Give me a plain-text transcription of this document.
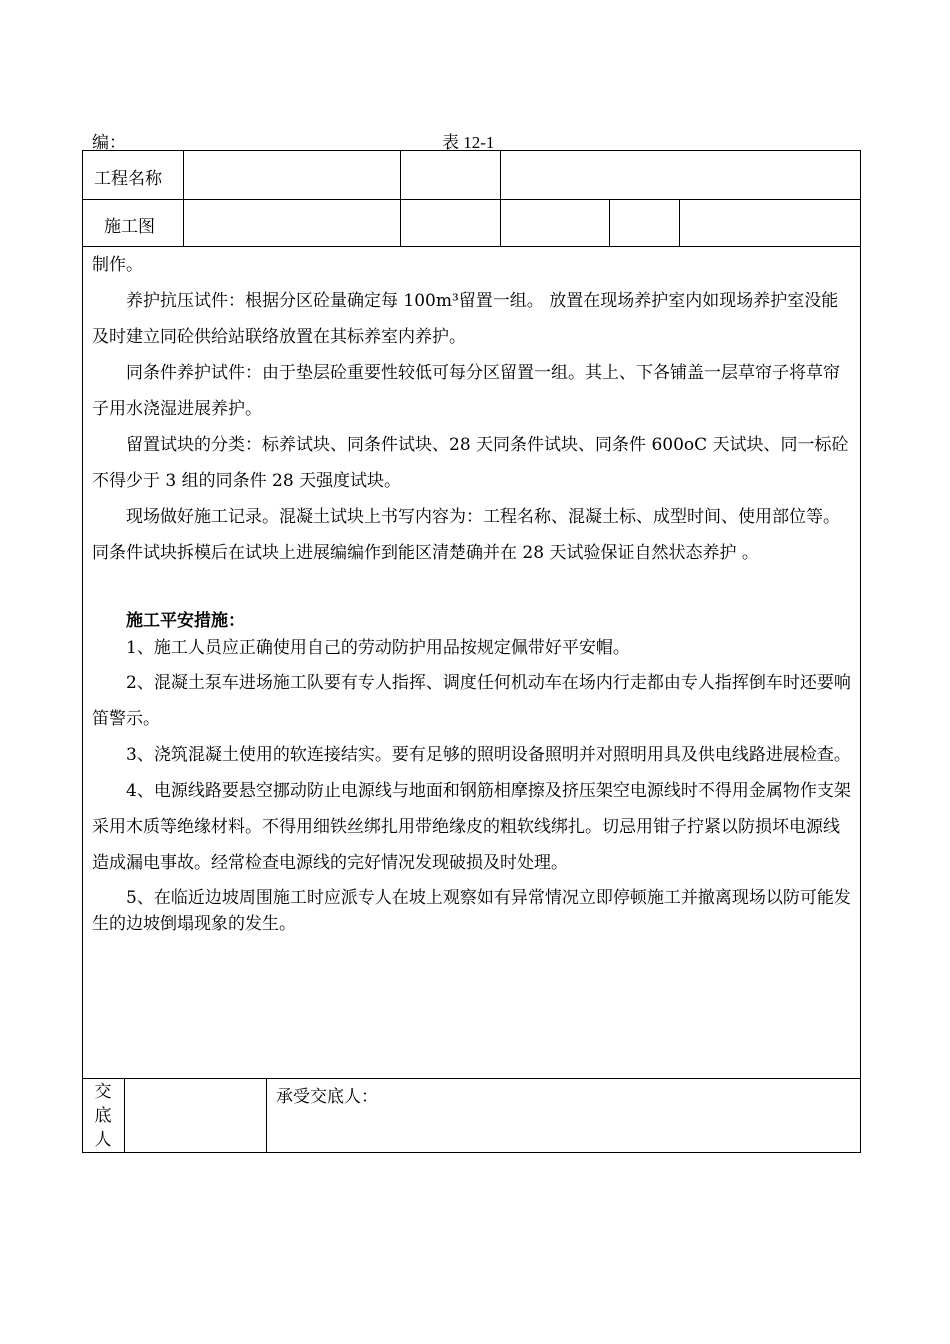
编：	表 12-1
工程名称
施工图

制作。

养护抗压试件：根据分区砼量确定每 100m³留置一组。 放置在现场养护室内如现场养护室没能及时建立同砼供给站联络放置在其标养室内养护。

同条件养护试件：由于垫层砼重要性较低可每分区留置一组。其上、下各铺盖一层草帘子将草帘子用水浇湿进展养护。

留置试块的分类：标养试块、同条件试块、28 天同条件试块、同条件 600oC 天试块、同一标砼不得少于 3 组的同条件 28 天强度试块。

现场做好施工记录。混凝土试块上书写内容为：工程名称、混凝土标、成型时间、使用部位等。同条件试块拆模后在试块上进展编编作到能区清楚确并在 28 天试验保证自然状态养护 。

施工平安措施：

1、施工人员应正确使用自己的劳动防护用品按规定佩带好平安帽。

2、混凝土泵车进场施工队要有专人指挥、调度任何机动车在场内行走都由专人指挥倒车时还要响笛警示。

3、浇筑混凝土使用的软连接结实。要有足够的照明设备照明并对照明用具及供电线路进展检查。

4、电源线路要悬空挪动防止电源线与地面和钢筋相摩擦及挤压架空电源线时不得用金属物作支架采用木质等绝缘材料。不得用细铁丝绑扎用带绝缘皮的粗软线绑扎。切忌用钳子拧紧以防损坏电源线造成漏电事故。经常检查电源线的完好情况发现破损及时处理。

5、在临近边坡周围施工时应派专人在坡上观察如有异常情况立即停顿施工并撤离现场以防可能发生的边坡倒塌现象的发生。

交
底
人
承受交底人：
